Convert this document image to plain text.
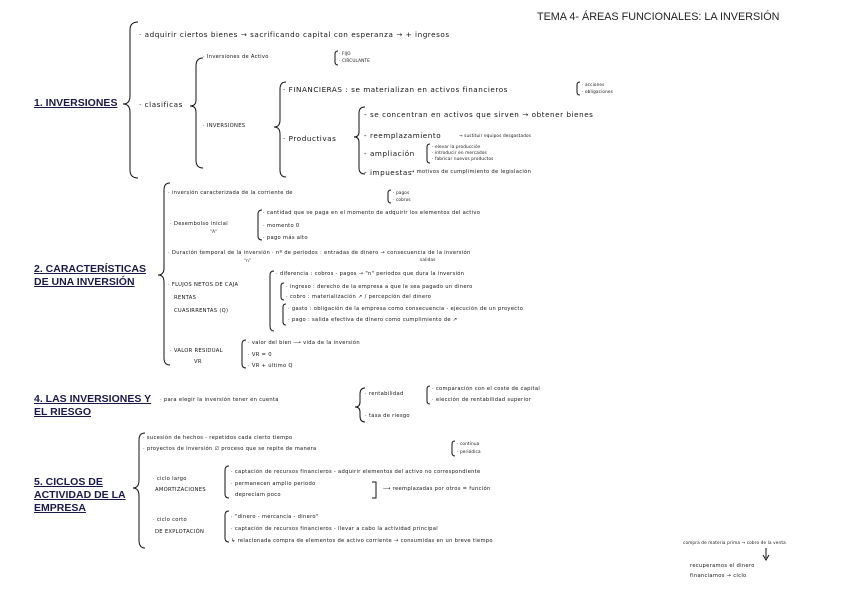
TEMA 4- ÁREAS FUNCIONALES: LA INVERSIÓN
1. INVERSIONES
2. CARACTERÍSTICAS DE UNA INVERSIÓN
4. LAS INVERSIONES Y EL RIESGO
5. CICLOS DE ACTIVIDAD DE LA EMPRESA
· adquirir ciertos bienes → sacrificando capital con esperanza → + ingresos
· clasificas
· Inversiones de Activo
· FIJO
· CIRCULANTE
· INVERSIONES
· FINANCIERAS : se materializan en activos financieros
· acciones
· obligaciones
· Productivas
- se concentran en activos que sirven → obtener bienes
- reemplazamiento	→ sustituir equipos desgastados
- ampliación
· elevar la producción
· introducir en mercados
· fabricar nuevos productos
- impuestas
→ motivos de cumplimiento de legislación
· inversión caracterizada de la corriente de	· pagos
· cobros
· Desembolso inicial
"A"
· cantidad que se paga en el momento de adquirir los elementos del activo
· momento 0
· pago más alto
· Duración temporal de la inversión · nº de periodos : entradas de dinero → consecuencia de la inversión
salidas
"n"
· FLUJOS NETOS DE CAJA
RENTAS
CUASIRRENTAS (Q)
· diferencia : cobros - pagos → "n" periodos que dura la inversión
· ingreso : derecho de la empresa a que le sea pagado un dinero
· cobro : materialización ↗ / percepción del dinero
· gasto : obligación de la empresa como consecuencia - ejecución de un proyecto
· pago : salida efectiva de dinero como cumplimiento de ↗
· VALOR RESIDUAL
VR
· valor del bien ⟶ vida de la inversión
· VR = 0
· VR + último Q
· para elegir la inversión tener en cuenta
· rentabilidad
· comparación con el coste de capital
· elección de rentabilidad superior
· tasa de riesgo
· sucesión de hechos - repetidos cada cierto tiempo
· proyectos de inversión ∅ proceso que se repite de manera
· continua
· periódica
· ciclo largo
AMORTIZACIONES
· captación de recursos financieros - adquirir elementos del activo no correspondiente
· permanecen amplio periodo
depreciam poco
⟶ reemplazadas por otros = función
· ciclo corto
DE EXPLOTACIÓN
· "dinero - mercancía - dinero"
· captación de recursos financieros - llevar a cabo la actividad principal
↳ relacionada compra de elementos de activo corriente → consumidas en un breve tiempo	compra de materia prima → cobro de la venta
recuperamos el dinero
financiamos → ciclo
